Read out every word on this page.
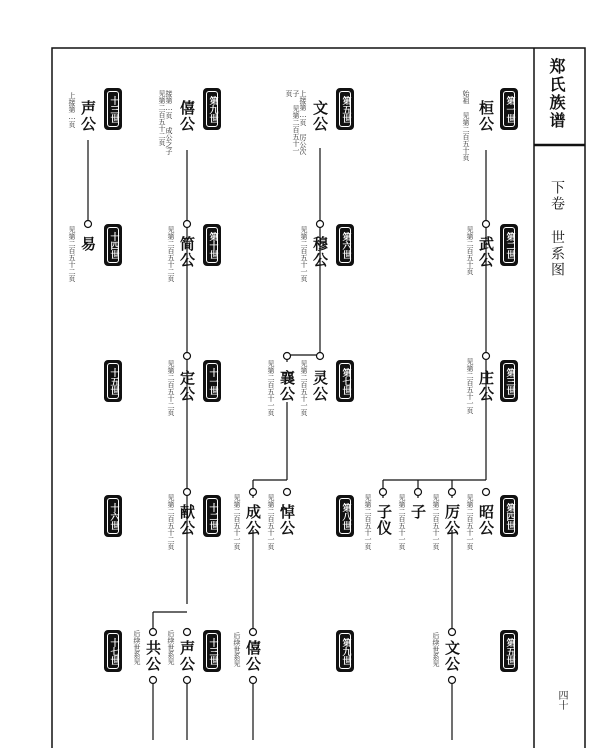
郑氏族谱
下卷 世系图
四十
第一世
第二世
第三世
第四世
第五世
第五世
第六世
第七世
第八世
第九世
第九世
第十世
十一世
十二世
十三世
十三世
十四世
十五世
十六世
十七世
桓公
始祖 见第二百五十页
武公
见第二百五十页
庄公
见第二百五十一页
昭公
见第二百五十一页
厉公
见第二百五十一页
子
见第二百五十一页
子仪
见第二百五十一页
文公
后续世系见
文公
上接第…页 厉公次子 见第二百五十一页
穆公
见第二百五十一页
灵公
见第二百五十一页
襄公
见第二百五十一页
悼公
见第二百五十一页
成公
见第二百五十一页
僖公
后续世系见
僖公
接第…页 成公之子 见第二百五十二页
简公
见第二百五十二页
定公
见第二百五十二页
献公
见第二百五十二页
声公
后续世系见
共公
后续世系见
声公
上接第…页
易
见第二百五十二页
